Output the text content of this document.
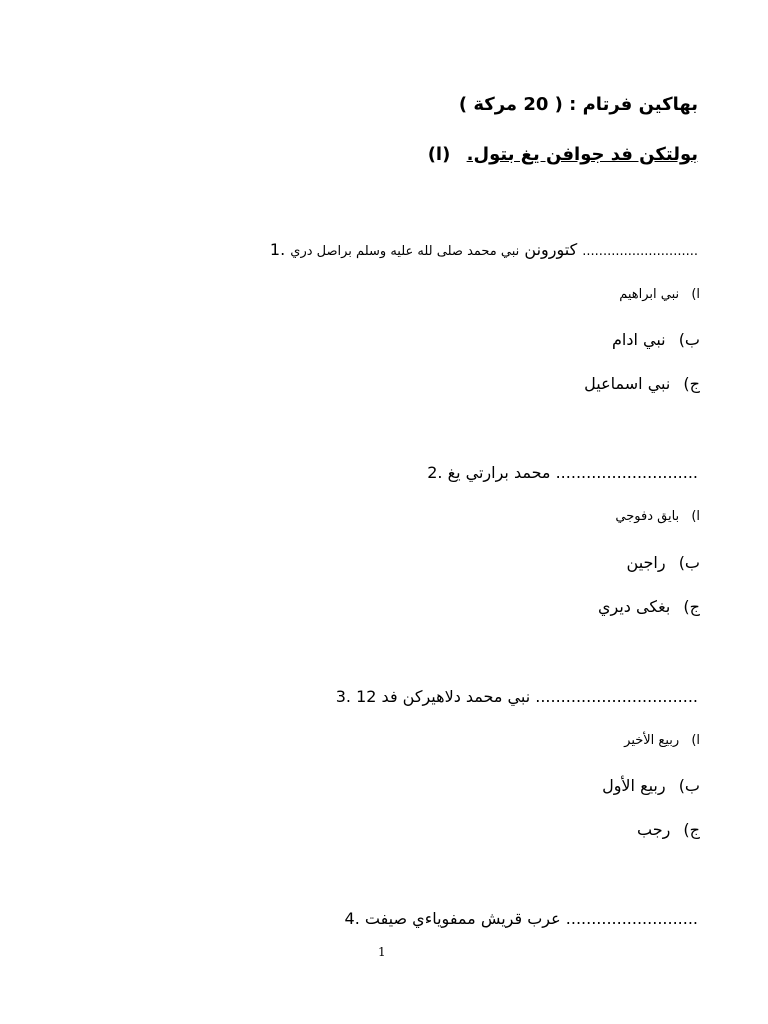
بهاكين فرتام : ( 20 مركة )
بولتكن فد جوافن يغ بتول. (ا)
1. نبي محمد صلى لله عليه وسلم براصل دري كتورونن ............................
ا) نبي ابراهيم
ب) نبي ادام
ج) نبي اسماعيل
2. محمد برارتي يغ ............................
ا) بايق دفوجي
ب) راجين
ج) بغکی ديري
3. 12 نبي محمد دلاهيرکن فد ................................
ا) ربيع الأخير
ب) ربيع الأول
ج) رجب
4. عرب قريش ممفوياءي صيفت ..........................
1
